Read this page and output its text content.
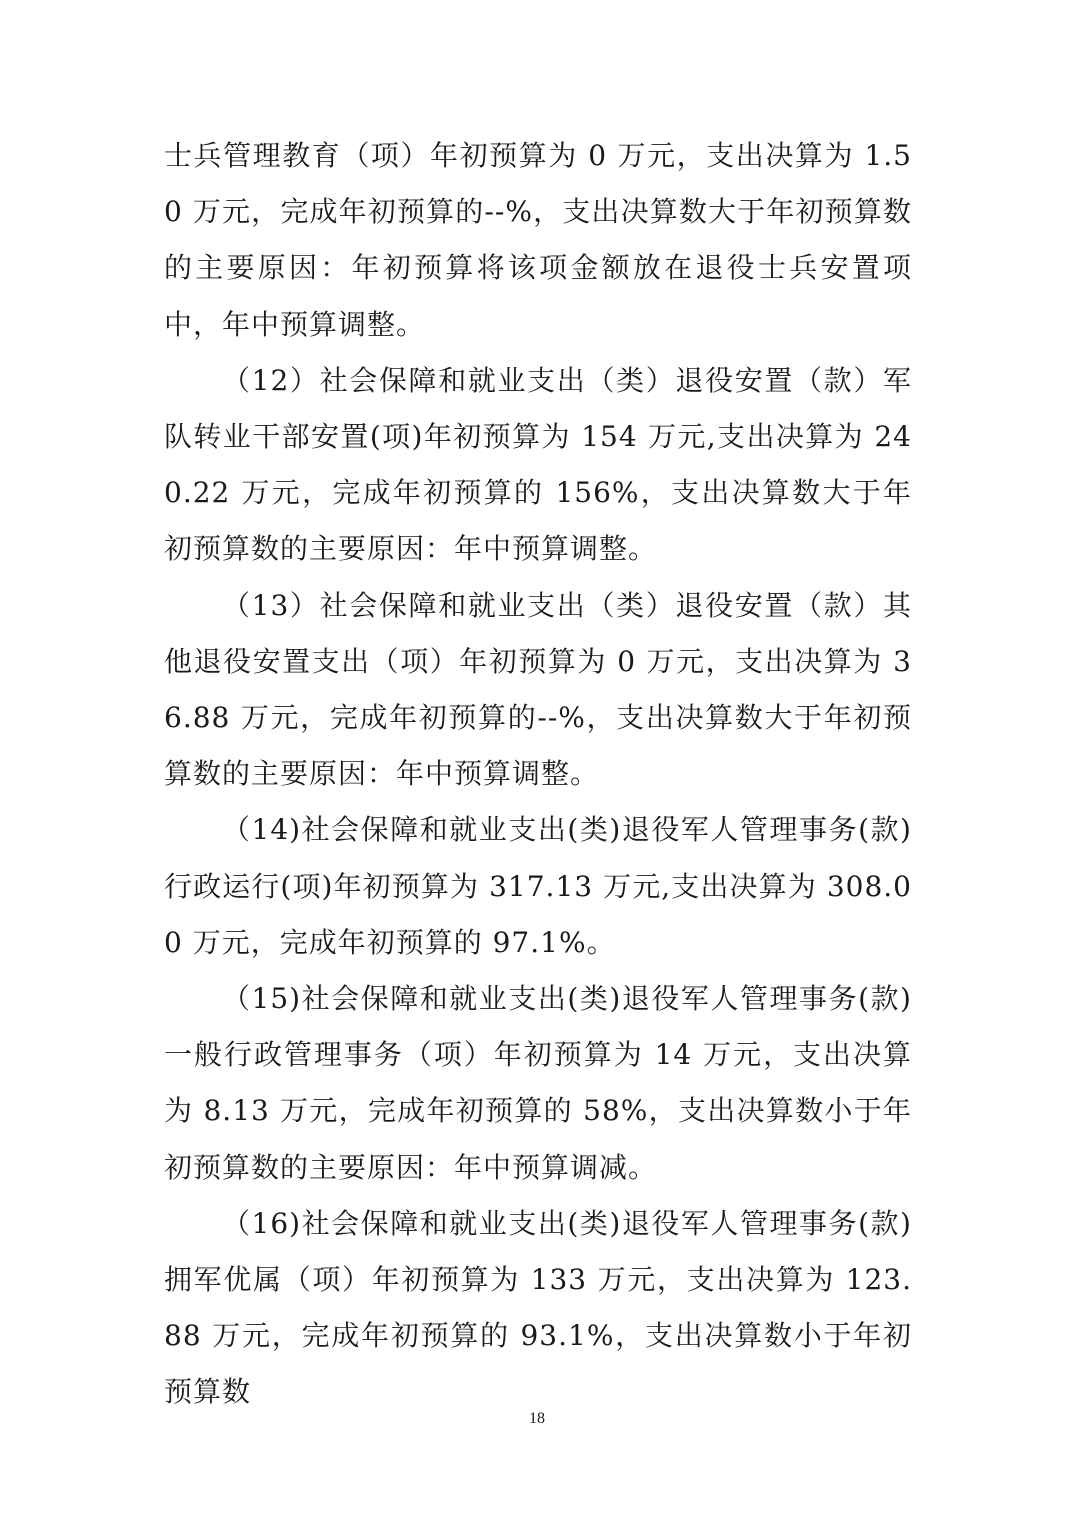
士兵管理教育（项）年初预算为 0 万元，支出决算为 1.50 万元，完成年初预算的--%，支出决算数大于年初预算数的主要原因：年初预算将该项金额放在退役士兵安置项中，年中预算调整。

（12）社会保障和就业支出（类）退役安置（款）军队转业干部安置(项)年初预算为 154 万元,支出决算为 240.22 万元，完成年初预算的 156%，支出决算数大于年初预算数的主要原因：年中预算调整。

（13）社会保障和就业支出（类）退役安置（款）其他退役安置支出（项）年初预算为 0 万元，支出决算为 36.88 万元，完成年初预算的--%，支出决算数大于年初预算数的主要原因：年中预算调整。

（14)社会保障和就业支出(类)退役军人管理事务(款)行政运行(项)年初预算为 317.13 万元,支出决算为 308.00 万元，完成年初预算的 97.1%。

（15)社会保障和就业支出(类)退役军人管理事务(款)一般行政管理事务（项）年初预算为 14 万元，支出决算为 8.13 万元，完成年初预算的 58%，支出决算数小于年初预算数的主要原因：年中预算调减。

（16)社会保障和就业支出(类)退役军人管理事务(款)拥军优属（项）年初预算为 133 万元，支出决算为 123.88 万元，完成年初预算的 93.1%，支出决算数小于年初预算数

18
